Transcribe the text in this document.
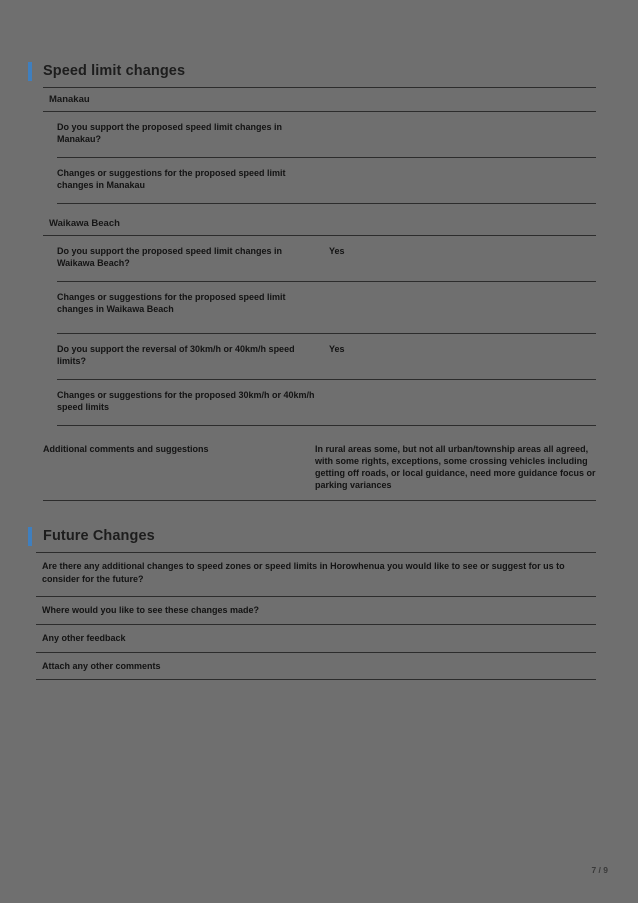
Speed limit changes
Manakau
Do you support the proposed speed limit changes in Manakau?
Changes or suggestions for the proposed speed limit changes in Manakau
Waikawa Beach
Do you support the proposed speed limit changes in Waikawa Beach?
Yes
Changes or suggestions for the proposed speed limit changes in Waikawa Beach
Do you support the reversal of 30km/h or 40km/h speed limits?
Yes
Changes or suggestions for the proposed 30km/h or 40km/h speed limits
Additional comments and suggestions	In rural areas some, but not all urban/township areas all agreed, with some rights, exceptions, some crossing vehicles including getting off roads, or local guidance, need more guidance focus or parking variances
Future Changes
Are there any additional changes to speed zones or speed limits in Horowhenua you would like to see or suggest for us to consider for the future?
Where would you like to see these changes made?
Any other feedback
Attach any other comments
7 / 9
